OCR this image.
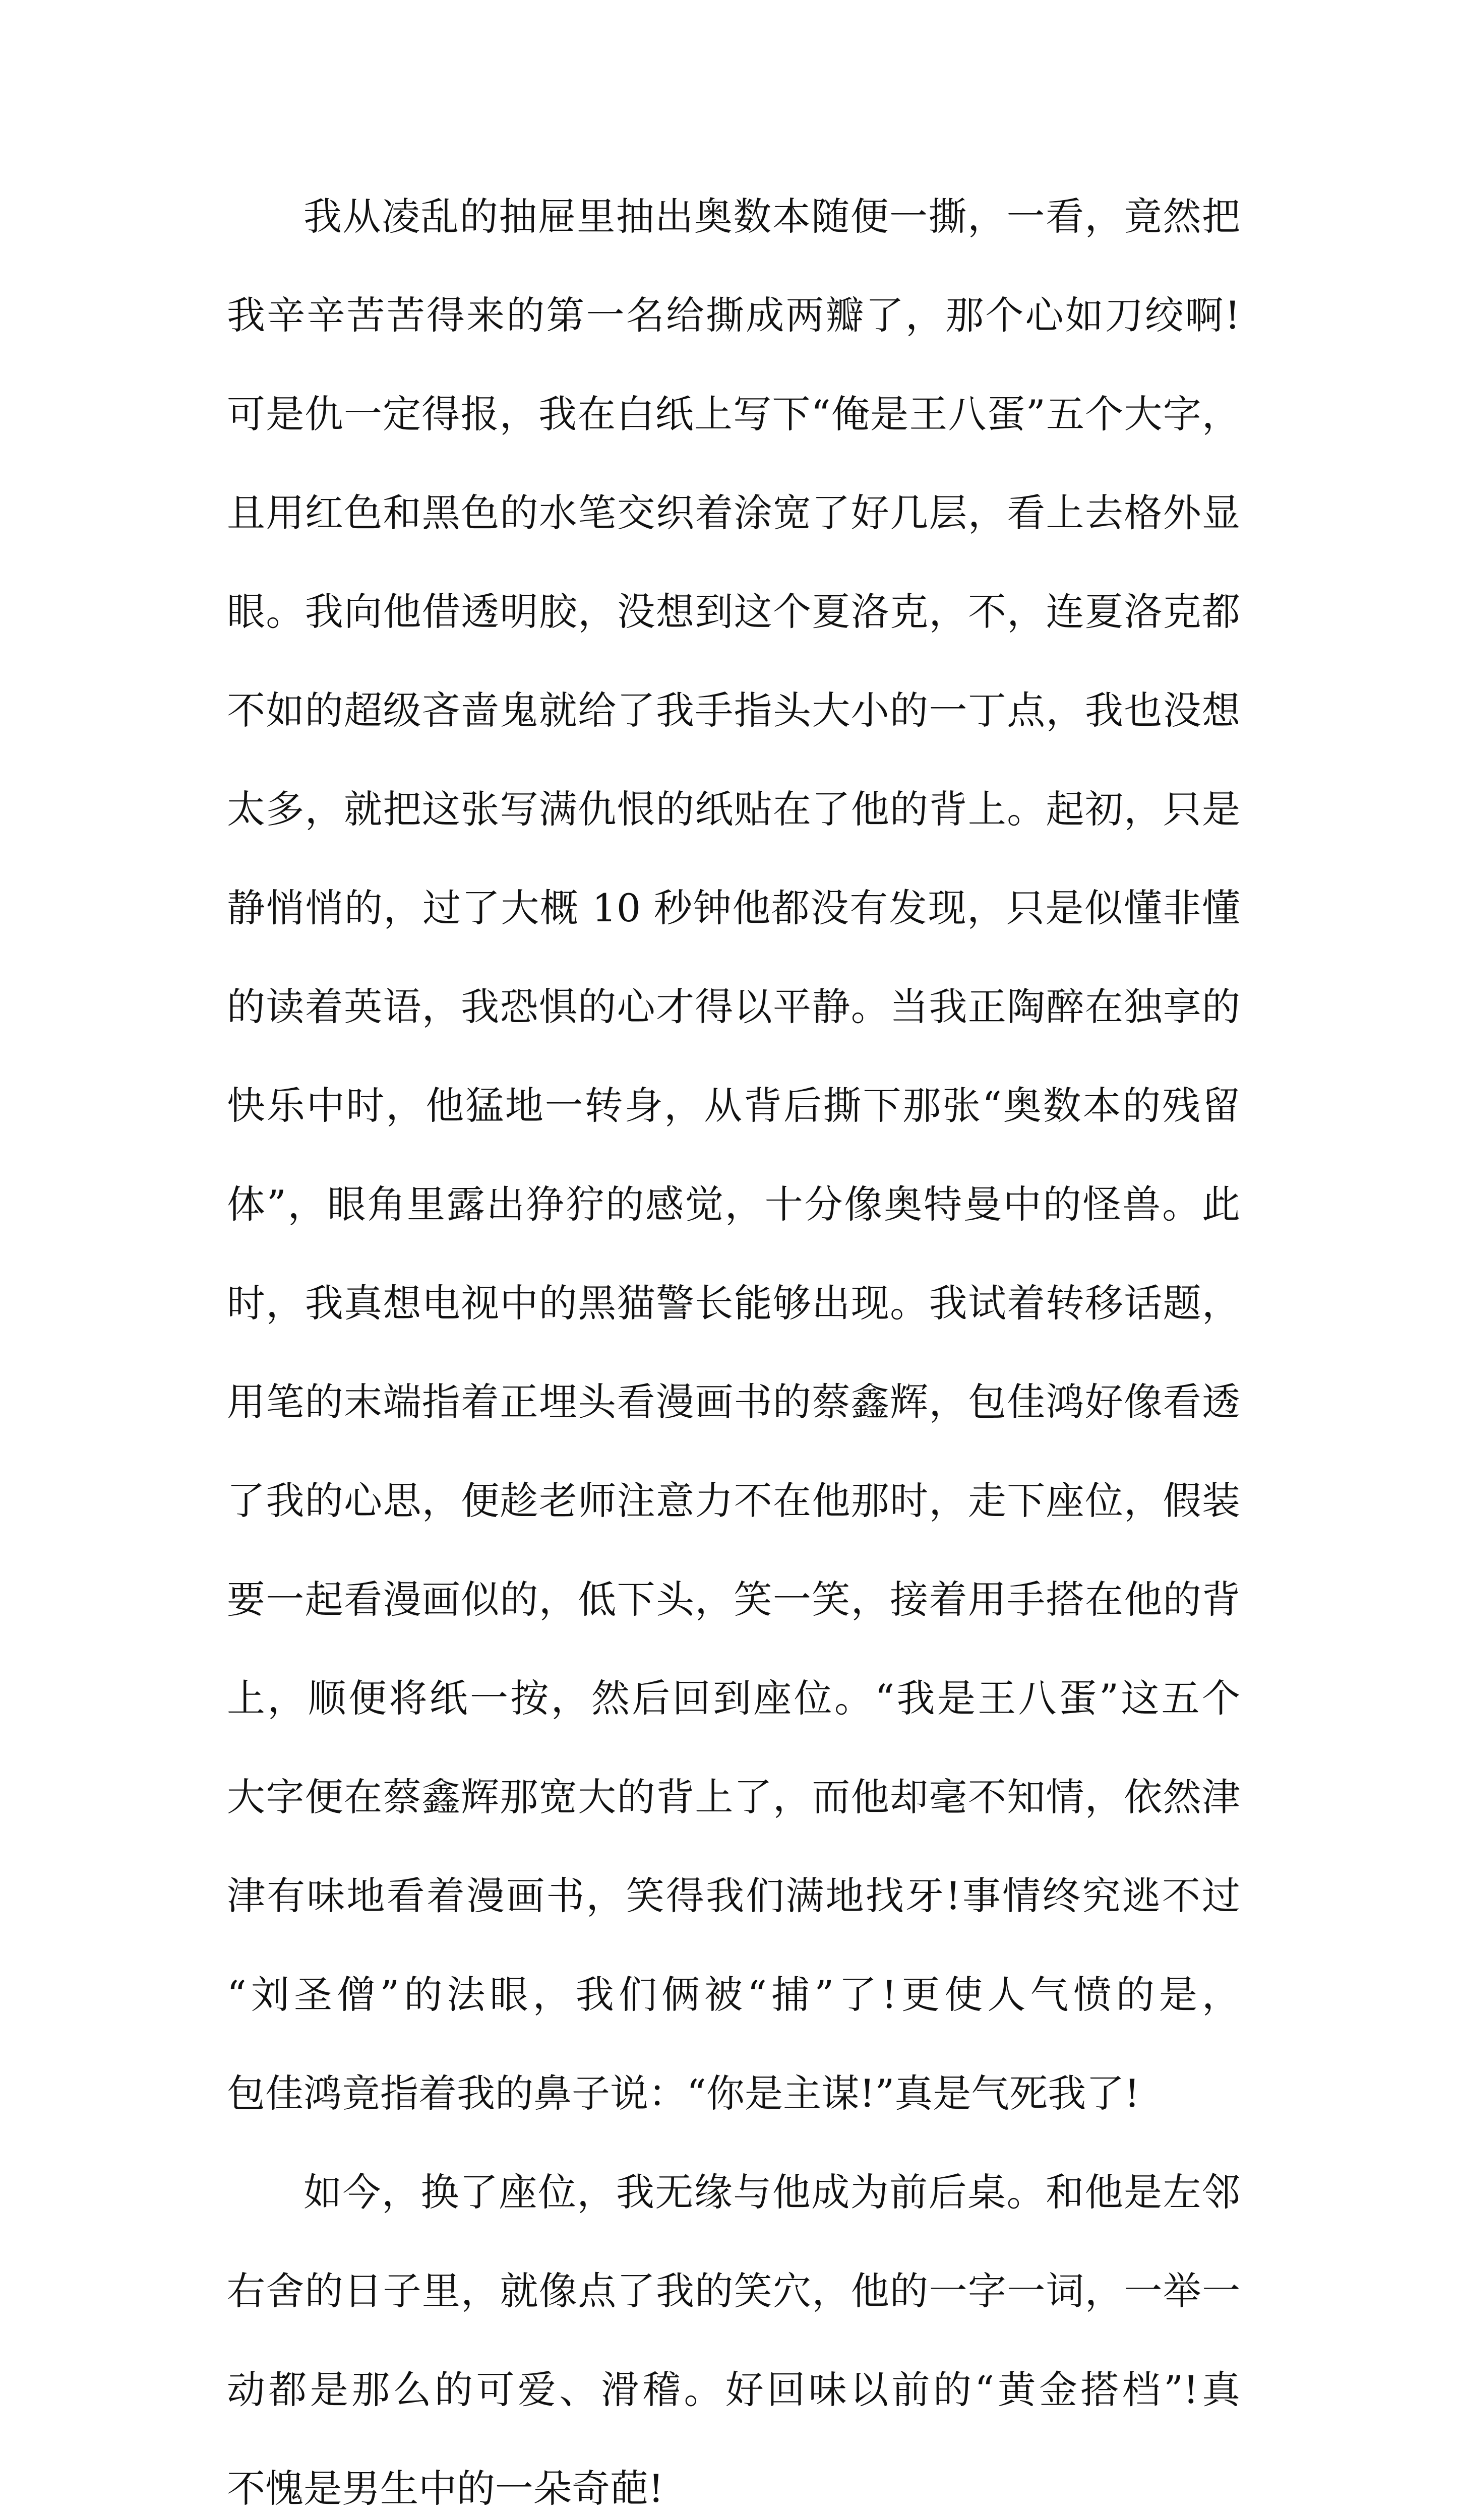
我从凌乱的抽屉里抽出奥数本随便一撕，一看，竟然把
我辛辛苦苦得来的第一名给撕成两瓣了，那个心如刀绞啊!
可是仇一定得报，我在白纸上写下“俺是王八蛋”五个大字，
且用红色和黑色的水笔交织着涂宽了好几层，看上去格外显
眼。我向他借透明胶，没想到这个夏洛克，不，连夏洛克都
不如的超级吝啬鬼就给了我手指头大小的一丁点，我也没想
太多，就把这张写满仇恨的纸贴在了他的背上。起初，只是
静悄悄的，过了大概 10 秒钟他都没有发现，只是似懂非懂
的读着英语，我恐惧的心才得以平静。当我正陶醉在独享的
快乐中时，他猛地一转身，从背后撕下那张“奥数本的残留
体”，眼角里露出狰狞的感觉，十分像奥特曼中的怪兽。此
时，我真想电视中的黑猫警长能够出现。我试着转移话题，
用笔的末端指着正埋头看漫画书的蔡鑫辉，包佳鸿好像看透
了我的心思，便趁老师注意力不在他那时，走下座位，假装
要一起看漫画似的，低下头，笑一笑，接着用手搭在他的背
上，顺便将纸一按，然后回到座位。“我是王八蛋”这五个
大字便在蔡鑫辉那宽大的背上了，而他却毫不知情，依然津
津有味地看着漫画书，笑得我们满地找牙!事情终究逃不过
“刘圣僧”的法眼，我们俩被“捕”了!更使人气愤的是，
包佳鸿竟指着我的鼻子说：“你是主谋!”真是气死我了!
如今，换了座位，我无缘与他成为前后桌。和他是左邻
右舍的日子里，就像点了我的笑穴，他的一字一词，一举一
动都是那么的可爱、滑稽。好回味以前的“黄金搭档”!真
不愧是男生中的一朵奇葩!
